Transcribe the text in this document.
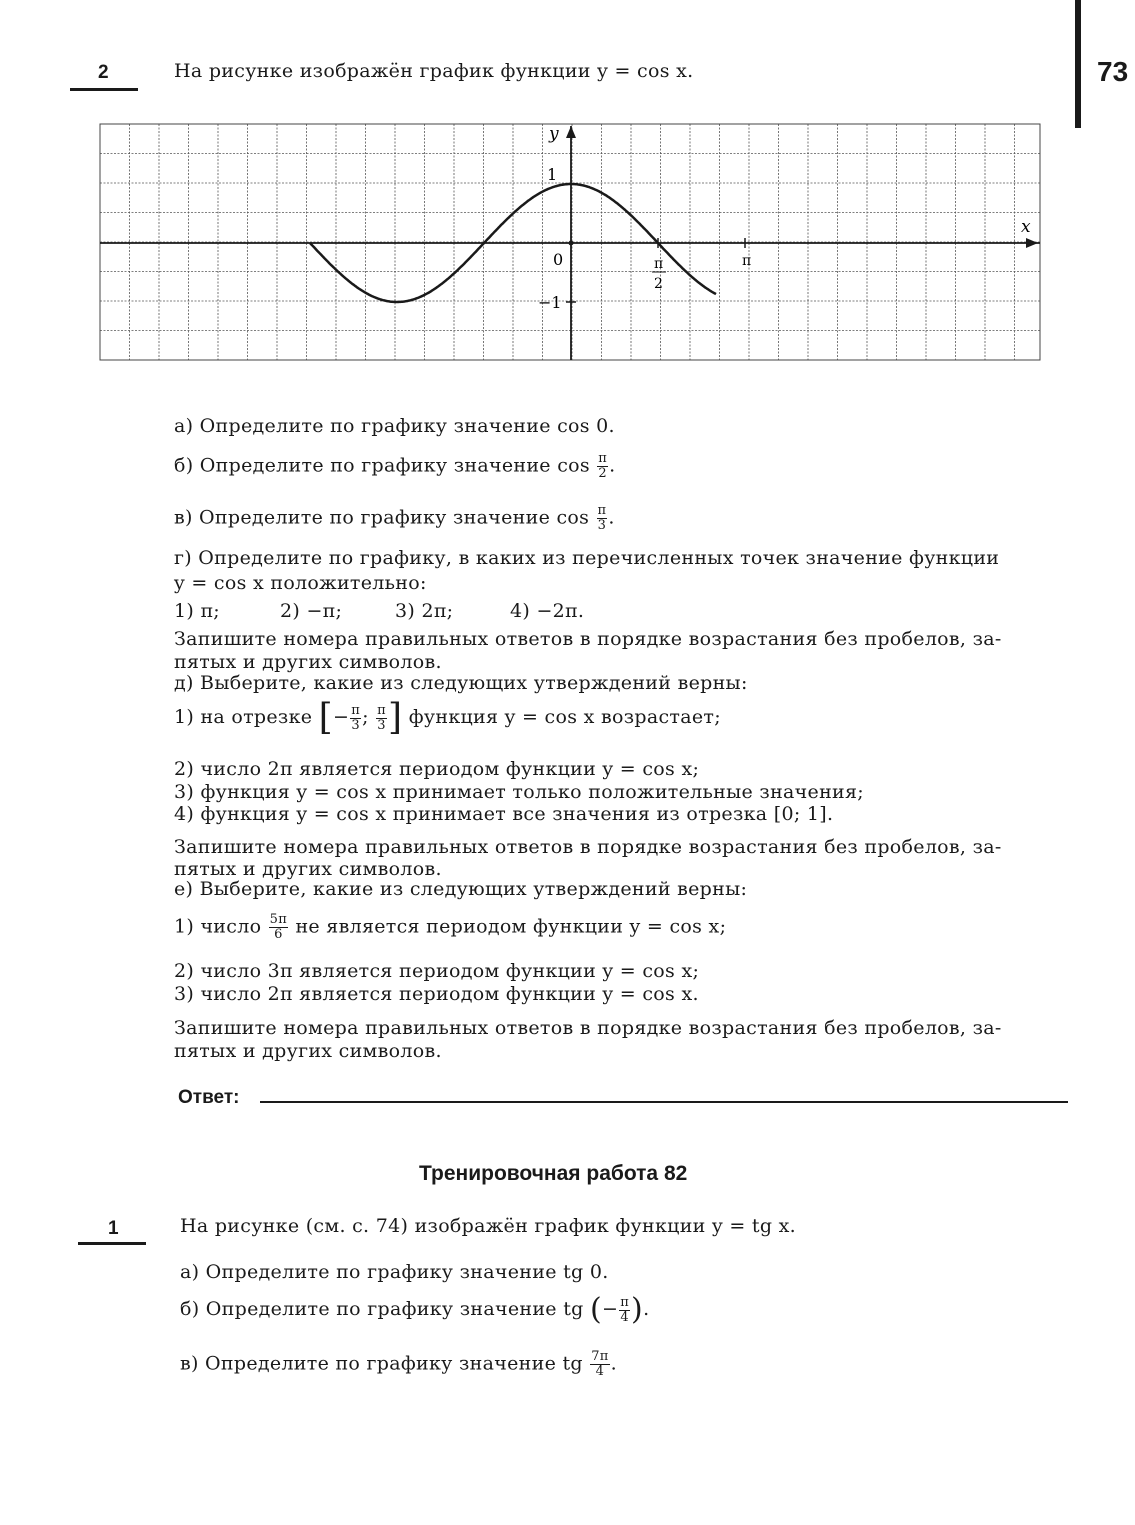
73
2	На рисунке изображён график функции y = cos x.
y
x
1
0
−1
π
2
π
а) Определите по графику значение cos 0.
б) Определите по графику значение $\cos \frac{\pi}{2}$ .
в) Определите по графику значение $\cos \frac{\pi}{3}$ .
г) Определите по графику, в каких из перечисленных точек значение функции
y = cos x положительно:
1) π;	2) −π;	3) 2π;	4) −2π.
Запишите номера правильных ответов в порядке возрастания без пробелов, за-
пятых и других символов.
д) Выберите, какие из следующих утверждений верны:
1) на отрезке [− $\frac{\pi}{3}$ ; $\frac{\pi}{3}$ ] функция y = cos x возрастает;
2) число 2π является периодом функции y = cos x;
3) функция y = cos x принимает только положительные значения;
4) функция y = cos x принимает все значения из отрезка [0; 1].
Запишите номера правильных ответов в порядке возрастания без пробелов, за-
пятых и других символов.
е) Выберите, какие из следующих утверждений верны:
1) число $\frac{5\pi}{6}$ не является периодом функции y = cos x;
2) число 3π является периодом функции y = cos x;
3) число 2π является периодом функции y = cos x.
Запишите номера правильных ответов в порядке возрастания без пробелов, за-
пятых и других символов.
Ответ:
Тренировочная работа 82
1	На рисунке (см. с. 74) изображён график функции y = tg x.
а) Определите по графику значение tg 0.
б) Определите по графику значение tg (− $\frac{\pi}{4}$ ).
в) Определите по графику значение tg $\frac{7\pi}{4}$ .
